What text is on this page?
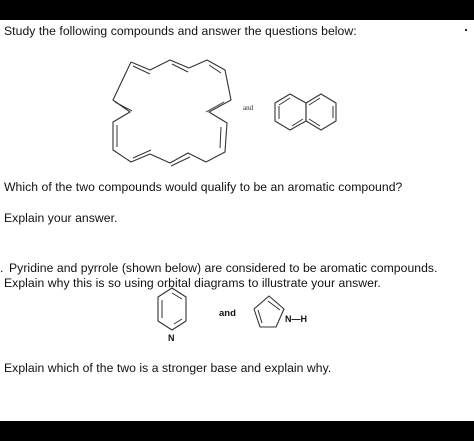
Study the following compounds and answer the questions below:
and
N
and	N—H
Which of the two compounds would qualify to be an aromatic compound?
Explain your answer.
. Pyridine and pyrrole (shown below) are considered to be aromatic compounds.
Explain why this is so using orbital diagrams to illustrate your answer.
Explain which of the two is a stronger base and explain why.
